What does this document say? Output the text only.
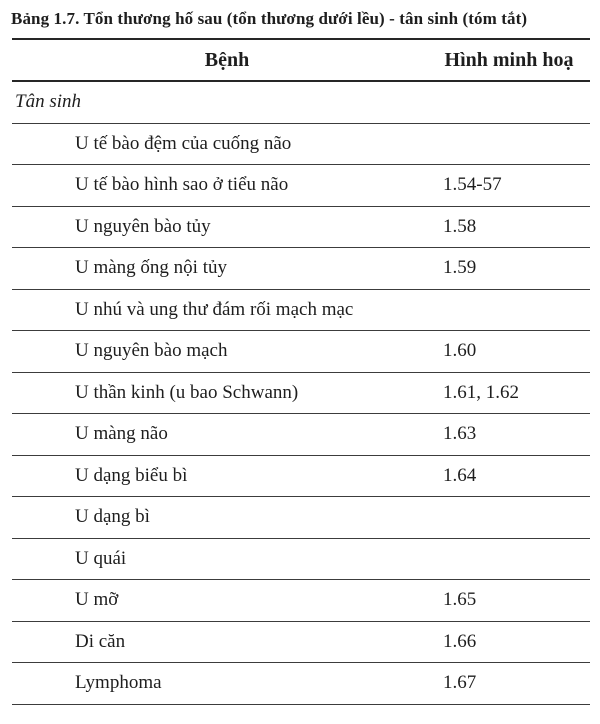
Bảng 1.7. Tổn thương hố sau (tổn thương dưới lều) - tân sinh (tóm tắt)
Bệnh	Hình minh hoạ
Tân sinh	
U tế bào đệm của cuống não	
U tế bào hình sao ở tiểu não	1.54-57
U nguyên bào tủy	1.58
U màng ống nội tủy	1.59
U nhú và ung thư đám rối mạch mạc	
U nguyên bào mạch	1.60
U thần kinh (u bao Schwann)	1.61, 1.62
U màng não	1.63
U dạng biểu bì	1.64
U dạng bì	
U quái	
U mỡ	1.65
Di căn	1.66
Lymphoma	1.67
